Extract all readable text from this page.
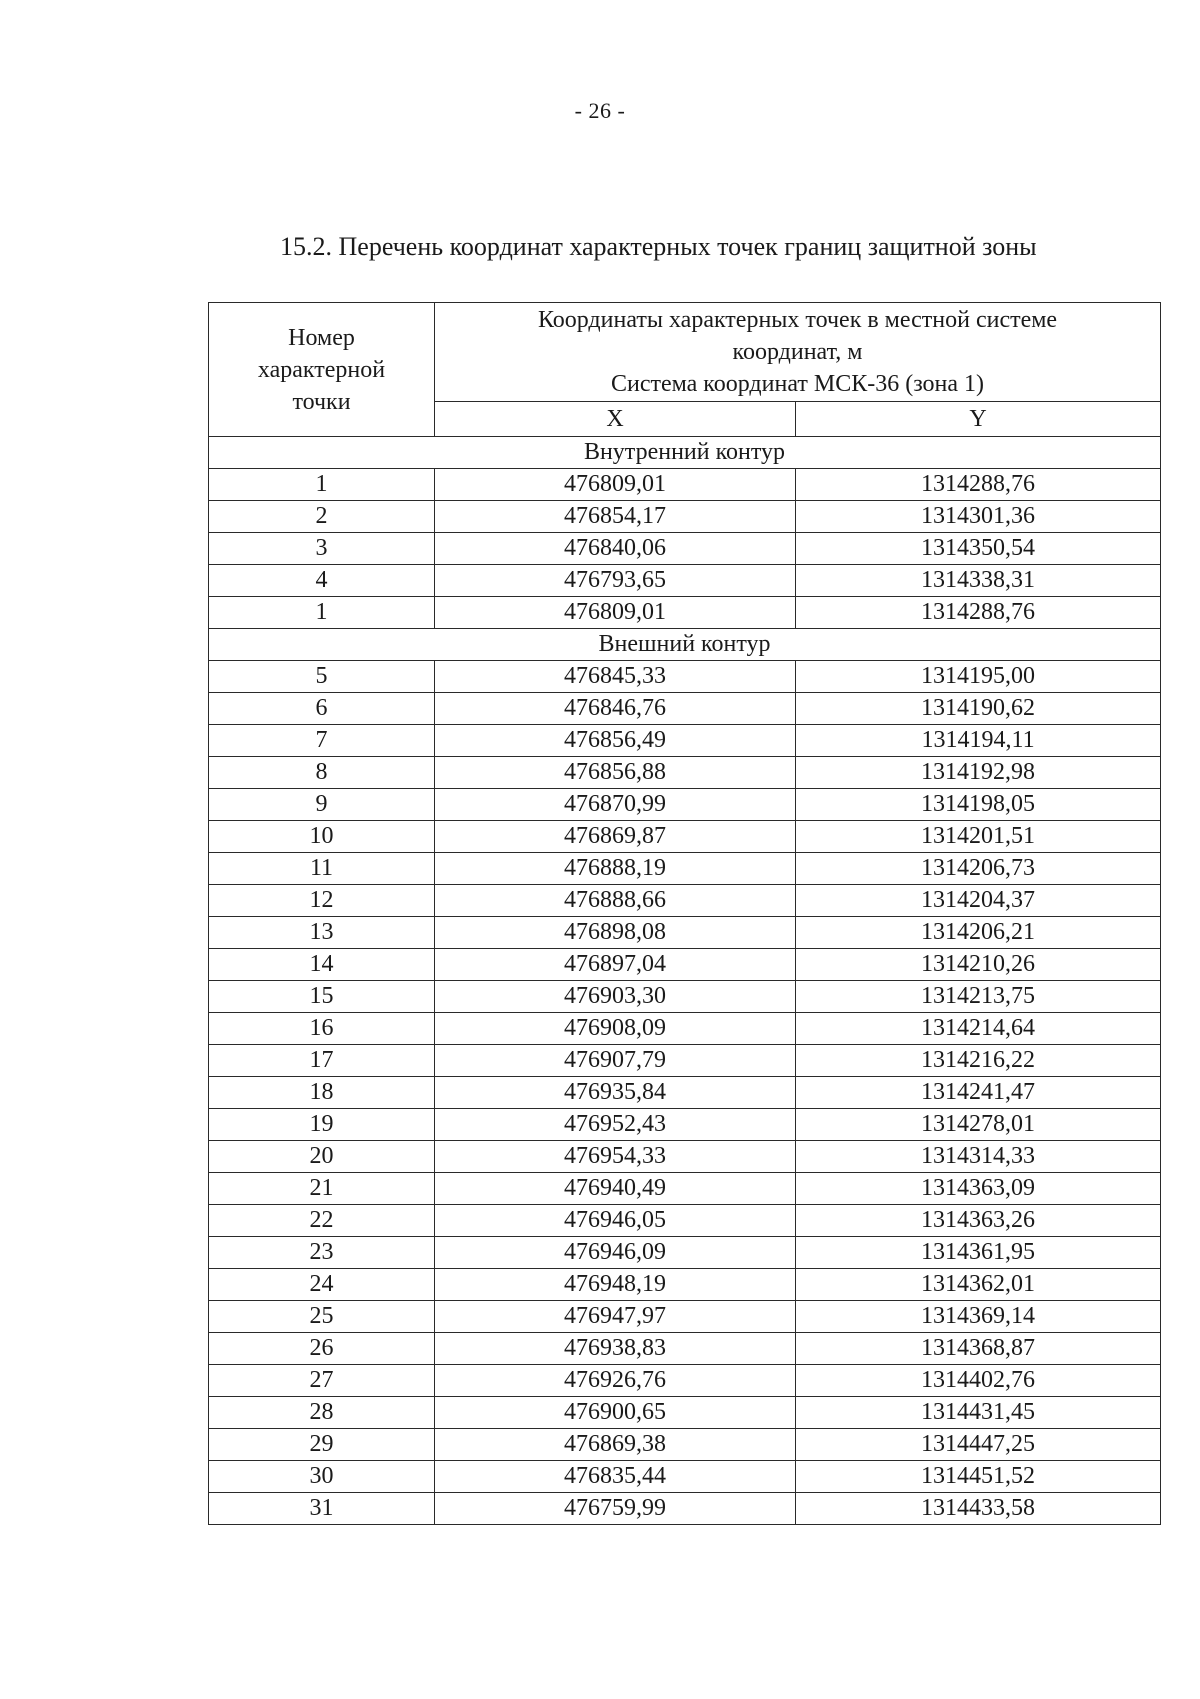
- 26 -
15.2. Перечень координат характерных точек границ защитной зоны
Номер
характерной
точки	Координаты характерных точек в местной системе
координат, м
Система координат МСК-36 (зона 1)	

	X	Y
Внутренний контур		
1	476809,01	1314288,76
2	476854,17	1314301,36
3	476840,06	1314350,54
4	476793,65	1314338,31
1	476809,01	1314288,76
Внешний контур		
5	476845,33	1314195,00
6	476846,76	1314190,62
7	476856,49	1314194,11
8	476856,88	1314192,98
9	476870,99	1314198,05
10	476869,87	1314201,51
11	476888,19	1314206,73
12	476888,66	1314204,37
13	476898,08	1314206,21
14	476897,04	1314210,26
15	476903,30	1314213,75
16	476908,09	1314214,64
17	476907,79	1314216,22
18	476935,84	1314241,47
19	476952,43	1314278,01
20	476954,33	1314314,33
21	476940,49	1314363,09
22	476946,05	1314363,26
23	476946,09	1314361,95
24	476948,19	1314362,01
25	476947,97	1314369,14
26	476938,83	1314368,87
27	476926,76	1314402,76
28	476900,65	1314431,45
29	476869,38	1314447,25
30	476835,44	1314451,52
31	476759,99	1314433,58
